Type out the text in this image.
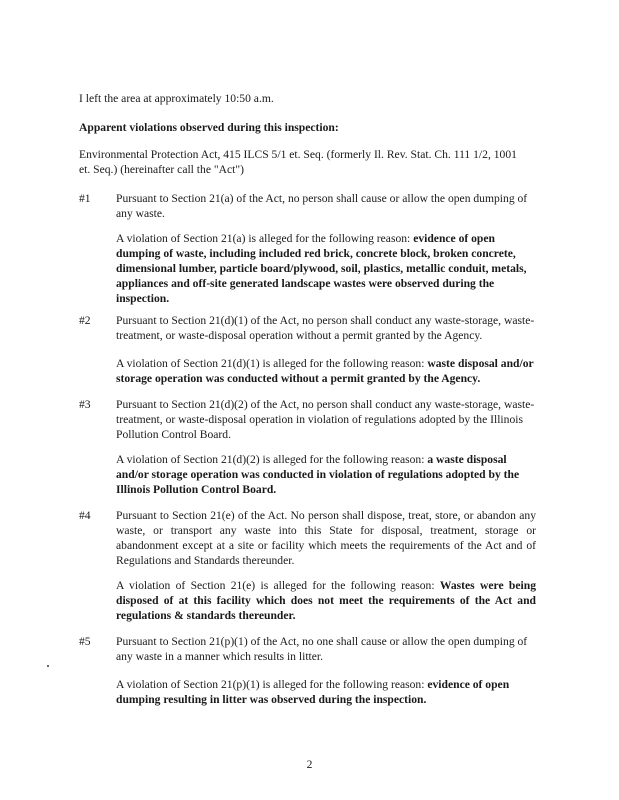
I left the area at approximately 10:50 a.m.

Apparent violations observed during this inspection:

Environmental Protection Act, 415 ILCS 5/1 et. Seq. (formerly Il. Rev. Stat. Ch. 111 1/2, 1001 et. Seq.) (hereinafter call the "Act")

#1 Pursuant to Section 21(a) of the Act, no person shall cause or allow the open dumping of any waste.

A violation of Section 21(a) is alleged for the following reason: evidence of open dumping of waste, including included red brick, concrete block, broken concrete, dimensional lumber, particle board/plywood, soil, plastics, metallic conduit, metals, appliances and off-site generated landscape wastes were observed during the inspection.

#2 Pursuant to Section 21(d)(1) of the Act, no person shall conduct any waste-storage, waste-treatment, or waste-disposal operation without a permit granted by the Agency.

A violation of Section 21(d)(1) is alleged for the following reason: waste disposal and/or storage operation was conducted without a permit granted by the Agency.

#3 Pursuant to Section 21(d)(2) of the Act, no person shall conduct any waste-storage, waste-treatment, or waste-disposal operation in violation of regulations adopted by the Illinois Pollution Control Board.

A violation of Section 21(d)(2) is alleged for the following reason: a waste disposal and/or storage operation was conducted in violation of regulations adopted by the Illinois Pollution Control Board.

#4 Pursuant to Section 21(e) of the Act. No person shall dispose, treat, store, or abandon any waste, or transport any waste into this State for disposal, treatment, storage or abandonment except at a site or facility which meets the requirements of the Act and of Regulations and Standards thereunder.

A violation of Section 21(e) is alleged for the following reason: Wastes were being disposed of at this facility which does not meet the requirements of the Act and regulations & standards thereunder.

#5 Pursuant to Section 21(p)(1) of the Act, no one shall cause or allow the open dumping of any waste in a manner which results in litter.

A violation of Section 21(p)(1) is alleged for the following reason: evidence of open dumping resulting in litter was observed during the inspection.

2
